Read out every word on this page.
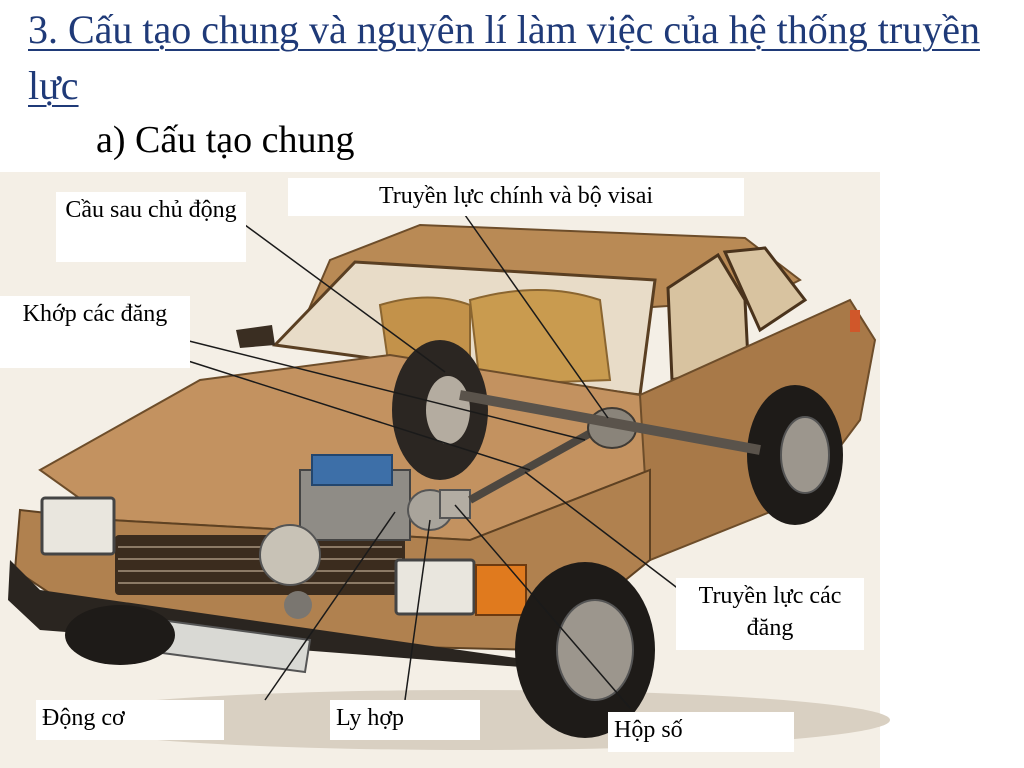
3. Cấu tạo chung và nguyên lí làm việc của hệ thống truyền lực
a) Cấu tạo chung
Cầu sau chủ động
Khớp các đăng
Truyền lực chính và bộ visai
Truyền lực các đăng
Động cơ	Ly hợp	Hộp số
